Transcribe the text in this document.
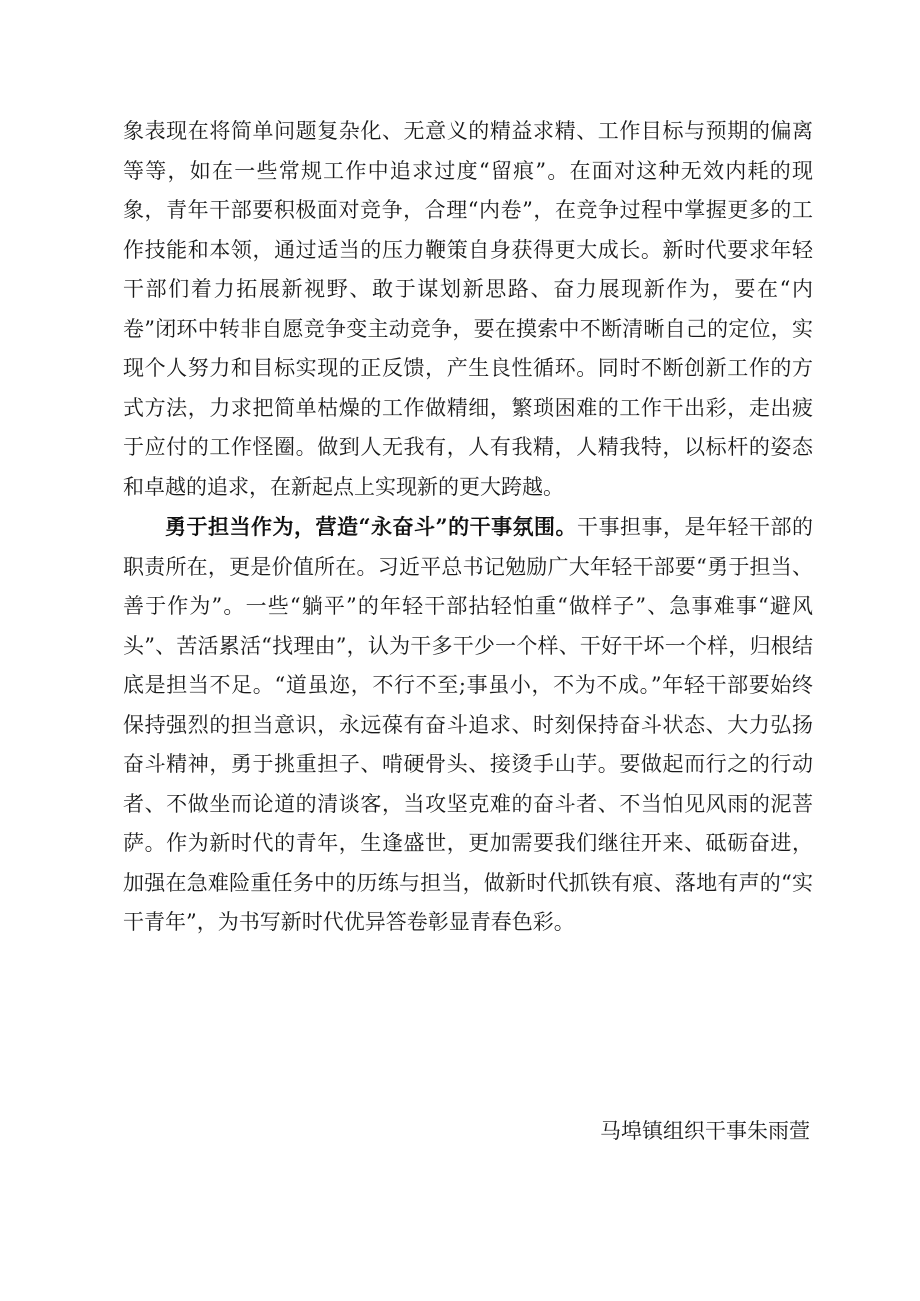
象表现在将简单问题复杂化、无意义的精益求精、工作目标与预期的偏离等等，如在一些常规工作中追求过度“留痕”。在面对这种无效内耗的现象，青年干部要积极面对竞争，合理“内卷”，在竞争过程中掌握更多的工作技能和本领，通过适当的压力鞭策自身获得更大成长。新时代要求年轻干部们着力拓展新视野、敢于谋划新思路、奋力展现新作为，要在“内卷”闭环中转非自愿竞争变主动竞争，要在摸索中不断清晰自己的定位，实现个人努力和目标实现的正反馈，产生良性循环。同时不断创新工作的方式方法，力求把简单枯燥的工作做精细，繁琐困难的工作干出彩，走出疲于应付的工作怪圈。做到人无我有，人有我精，人精我特，以标杆的姿态和卓越的追求，在新起点上实现新的更大跨越。

勇于担当作为，营造“永奋斗”的干事氛围。干事担事，是年轻干部的职责所在，更是价值所在。习近平总书记勉励广大年轻干部要“勇于担当、善于作为”。一些“躺平”的年轻干部拈轻怕重“做样子”、急事难事“避风头”、苦活累活“找理由”，认为干多干少一个样、干好干坏一个样，归根结底是担当不足。“道虽迩，不行不至;事虽小，不为不成。”年轻干部要始终保持强烈的担当意识，永远葆有奋斗追求、时刻保持奋斗状态、大力弘扬奋斗精神，勇于挑重担子、啃硬骨头、接烫手山芋。要做起而行之的行动者、不做坐而论道的清谈客，当攻坚克难的奋斗者、不当怕见风雨的泥菩萨。作为新时代的青年，生逢盛世，更加需要我们继往开来、砥砺奋进，加强在急难险重任务中的历练与担当，做新时代抓铁有痕、落地有声的“实干青年”，为书写新时代优异答卷彰显青春色彩。

马埠镇组织干事朱雨萱
